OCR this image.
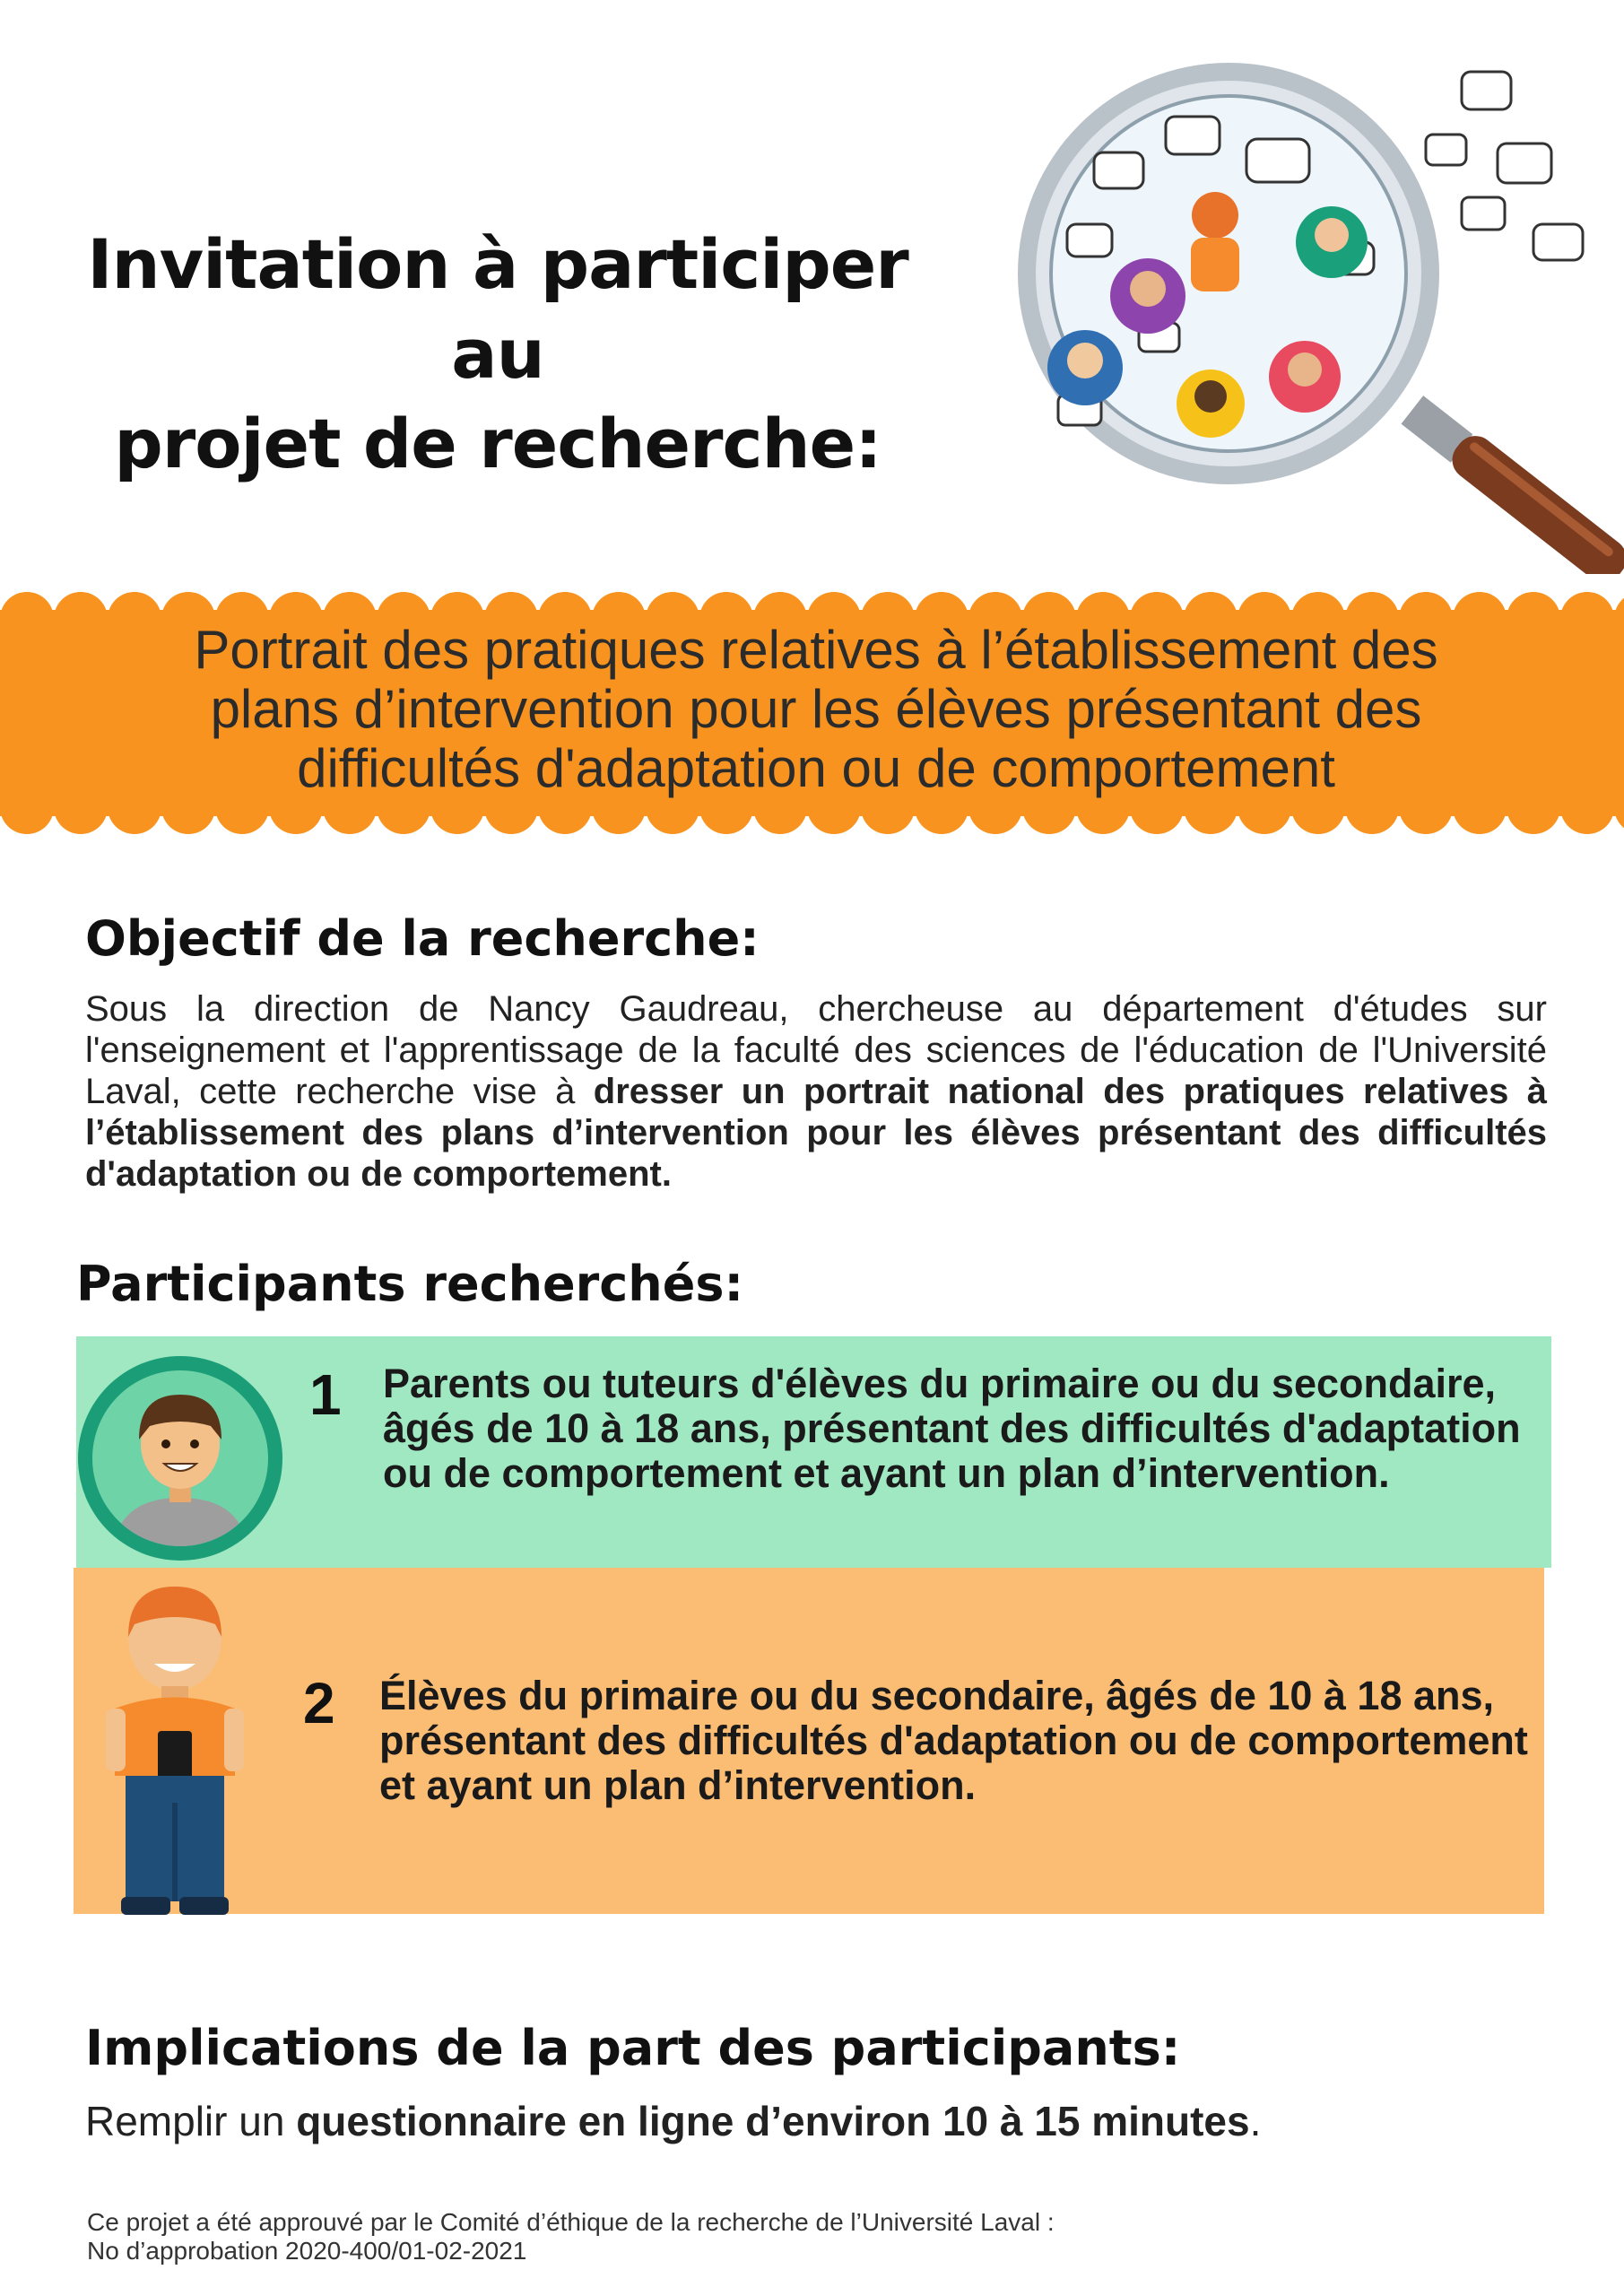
Invitation à participer au
projet de recherche:
Portrait des pratiques relatives à l’établissement des
plans d’intervention pour les élèves présentant des
difficultés d'adaptation ou de comportement
Objectif de la recherche:
Sous la direction de Nancy Gaudreau, chercheuse au département d'études sur l'enseignement et l'apprentissage de la faculté des sciences de l'éducation de l'Université Laval, cette recherche vise à dresser un portrait national des pratiques relatives à l’établissement des plans d’intervention pour les élèves présentant des difficultés d'adaptation ou de comportement.
Participants recherchés:
1 Parents ou tuteurs d'élèves du primaire ou du secondaire, âgés de 10 à 18 ans, présentant des difficultés d'adaptation ou de comportement et ayant un plan d’intervention.
2 Élèves du primaire ou du secondaire, âgés de 10 à 18 ans, présentant des difficultés d'adaptation ou de comportement et ayant un plan d’intervention.
Implications de la part des participants:
Remplir un questionnaire en ligne d’environ 10 à 15 minutes.
Ce projet a été approuvé par le Comité d’éthique de la recherche de l’Université Laval :
No d’approbation 2020-400/01-02-2021
